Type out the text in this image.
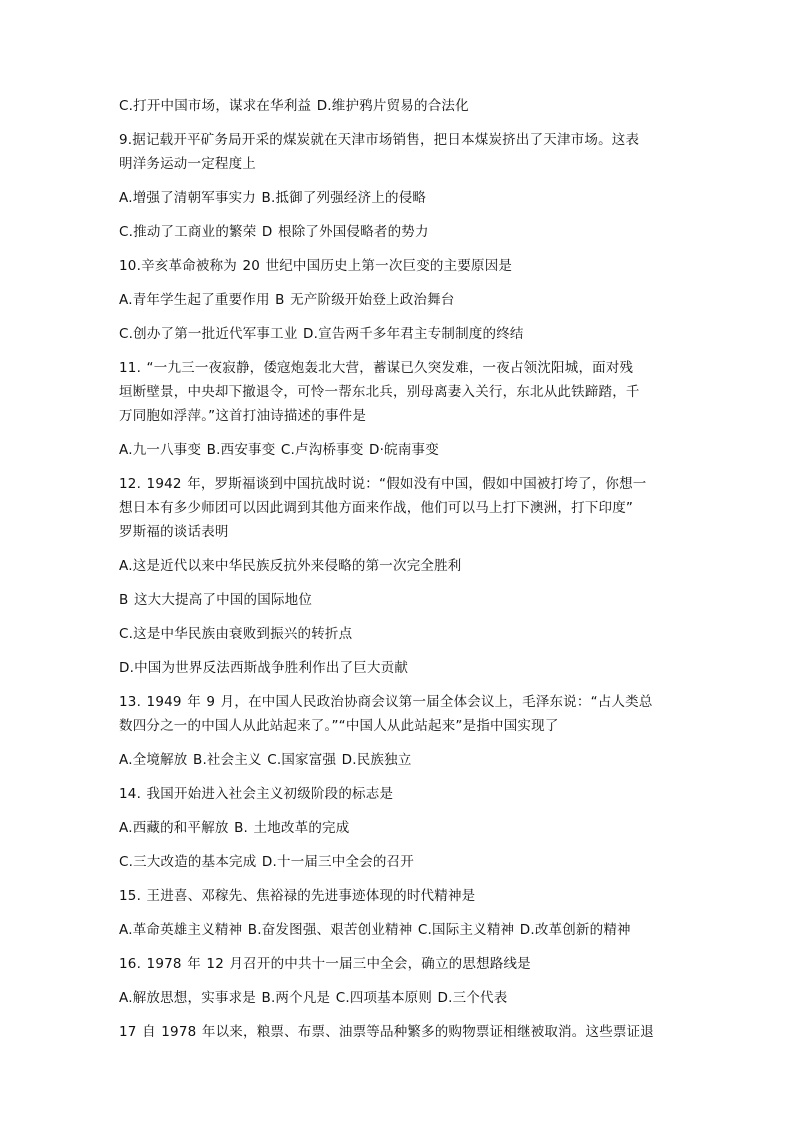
C.打开中国市场，谋求在华利益 D.维护鸦片贸易的合法化
9.据记载开平矿务局开采的煤炭就在天津市场销售，把日本煤炭挤出了天津市场。这表
明洋务运动一定程度上
A.增强了清朝军事实力 B.抵御了列强经济上的侵略
C.推动了工商业的繁荣 D 根除了外国侵略者的势力
10.辛亥革命被称为 20 世纪中国历史上第一次巨变的主要原因是
A.青年学生起了重要作用 B 无产阶级开始登上政治舞台
C.创办了第一批近代军事工业 D.宣告两千多年君主专制制度的终结
11. “一九三一夜寂静，倭寇炮轰北大营，蓄谋已久突发难，一夜占领沈阳城，面对残
垣断壁景，中央却下撤退令，可怜一帮东北兵，别母离妻入关行，东北从此铁蹄踏，千
万同胞如浮萍。”这首打油诗描述的事件是
A.九一八事变 B.西安事变 C.卢沟桥事变 D·皖南事变
12. 1942 年，罗斯福谈到中国抗战时说：“假如没有中国，假如中国被打垮了，你想一
想日本有多少师团可以因此调到其他方面来作战，他们可以马上打下澳洲，打下印度”
罗斯福的谈话表明
A.这是近代以来中华民族反抗外来侵略的第一次完全胜利
B 这大大提高了中国的国际地位
C.这是中华民族由衰败到振兴的转折点
D.中国为世界反法西斯战争胜利作出了巨大贡献
13. 1949 年 9 月，在中国人民政治协商会议第一届全体会议上，毛泽东说：“占人类总
数四分之一的中国人从此站起来了。”“中国人从此站起来”是指中国实现了
A.全境解放 B.社会主义 C.国家富强 D.民族独立
14. 我国开始进入社会主义初级阶段的标志是
A.西藏的和平解放 B. 土地改革的完成
C.三大改造的基本完成 D.十一届三中全会的召开
15. 王进喜、邓稼先、焦裕禄的先进事迹体现的时代精神是
A.革命英雄主义精神 B.奋发图强、艰苦创业精神 C.国际主义精神 D.改革创新的精神
16. 1978 年 12 月召开的中共十一届三中全会，确立的思想路线是
A.解放思想，实事求是 B.两个凡是 C.四项基本原则 D.三个代表
17 自 1978 年以来，粮票、布票、油票等品种繁多的购物票证相继被取消。这些票证退
